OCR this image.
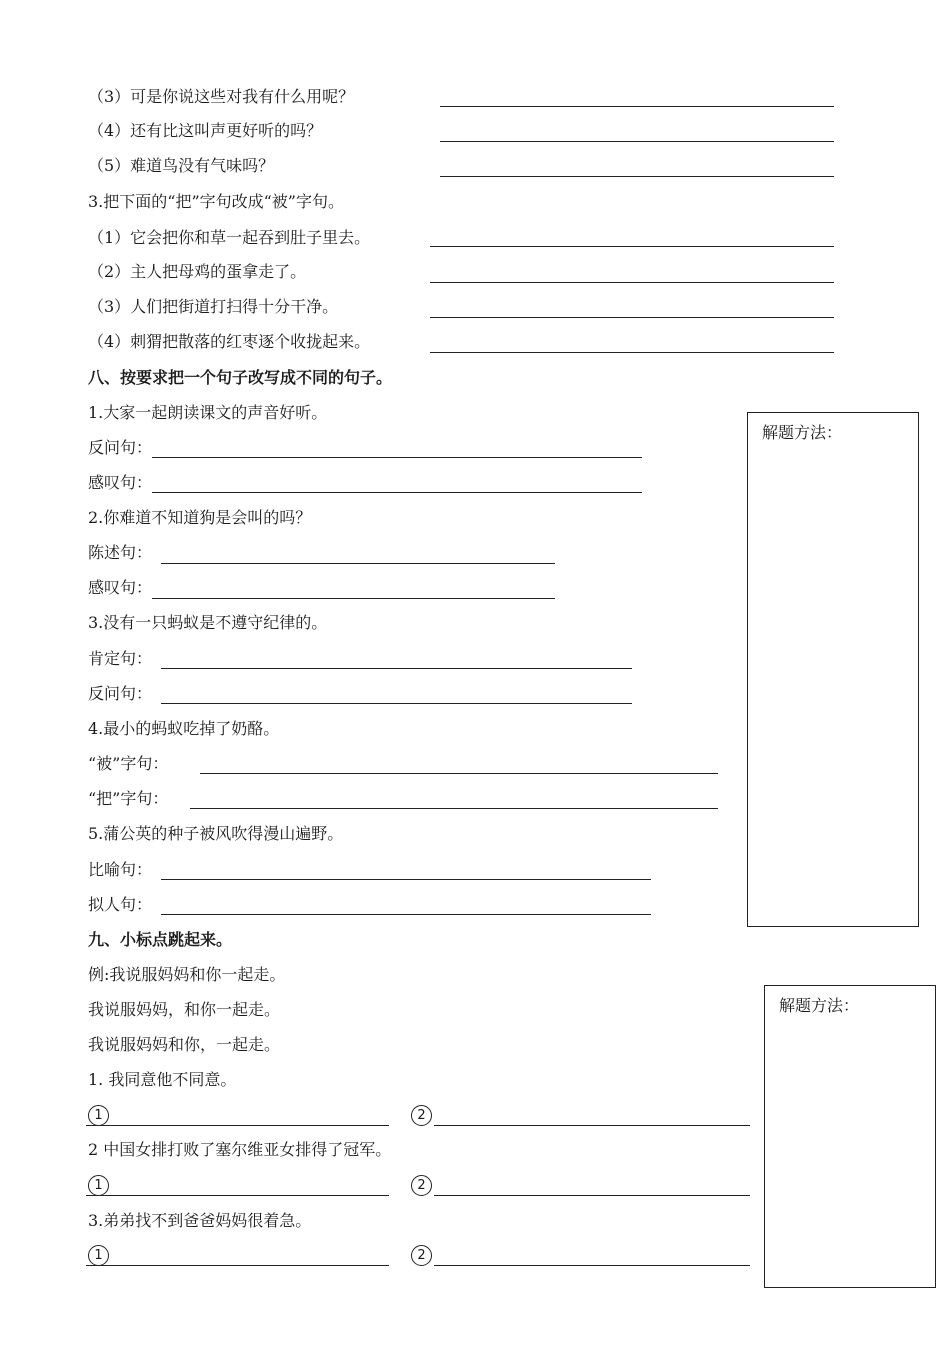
（3）可是你说这些对我有什么用呢？
（4）还有比这叫声更好听的吗？
（5）难道鸟没有气味吗？
3.把下面的“把”字句改成“被”字句。
（1）它会把你和草一起吞到肚子里去。
（2）主人把母鸡的蛋拿走了。
（3）人们把街道打扫得十分干净。
（4）刺猬把散落的红枣逐个收拢起来。
八、按要求把一个句子改写成不同的句子。
解题方法：
1.大家一起朗读课文的声音好听。
反问句：
感叹句：
2.你难道不知道狗是会叫的吗？
陈述句：
感叹句：
3.没有一只蚂蚁是不遵守纪律的。
肯定句：
反问句：
4.最小的蚂蚁吃掉了奶酪。
“被”字句：
“把”字句：
5.蒲公英的种子被风吹得漫山遍野。
比喻句：
拟人句：
九、小标点跳起来。
解题方法：
例:我说服妈妈和你一起走。
我说服妈妈，和你一起走。
我说服妈妈和你，一起走。
1. 我同意他不同意。
1	2
2 中国女排打败了塞尔维亚女排得了冠军。
1	2
3.弟弟找不到爸爸妈妈很着急。
1	2
